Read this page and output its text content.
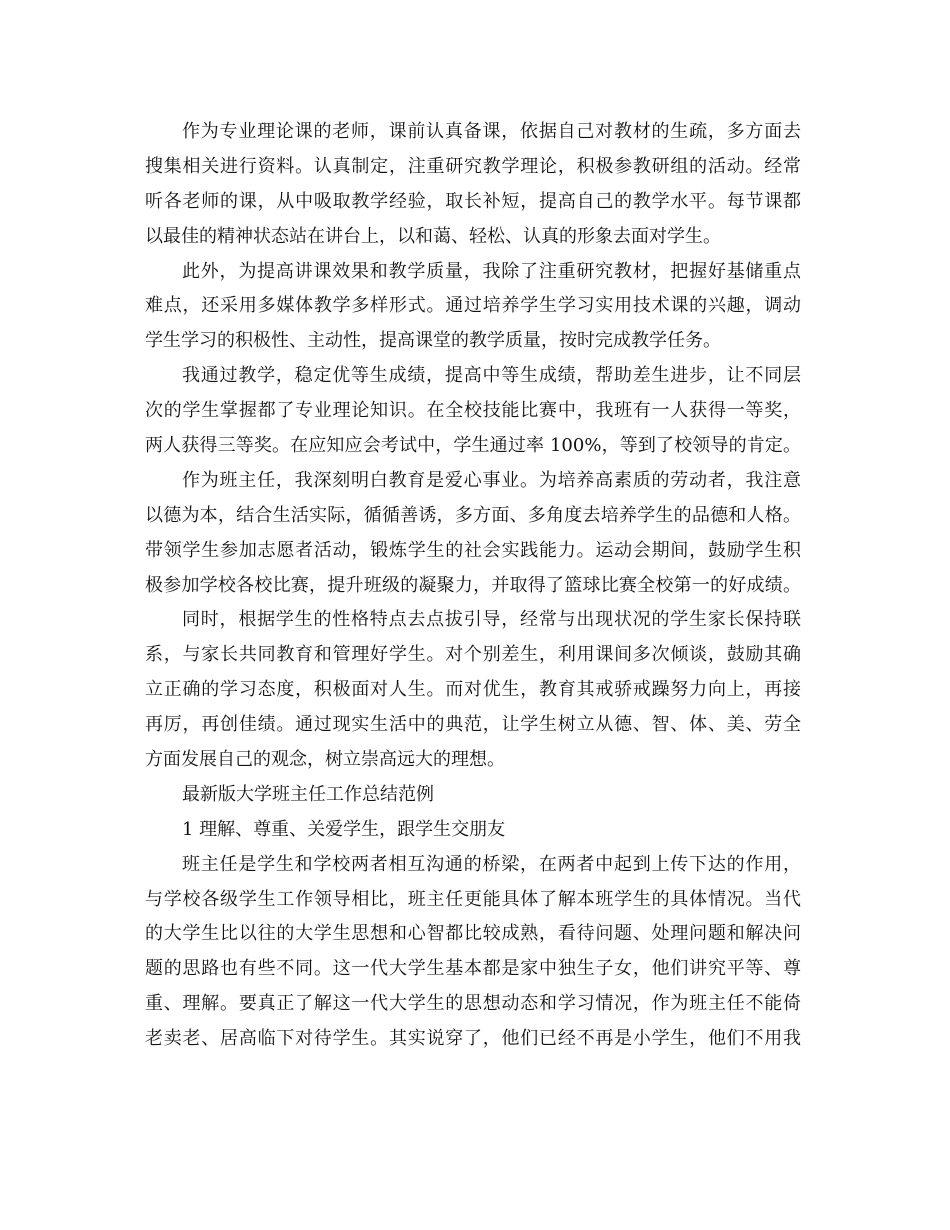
作为专业理论课的老师，课前认真备课，依据自己对教材的生疏，多方面去
搜集相关进行资料。认真制定，注重研究教学理论，积极参教研组的活动。经常
听各老师的课，从中吸取教学经验，取长补短，提高自己的教学水平。每节课都
以最佳的精神状态站在讲台上，以和蔼、轻松、认真的形象去面对学生。
此外，为提高讲课效果和教学质量，我除了注重研究教材，把握好基储重点
难点，还采用多媒体教学多样形式。通过培养学生学习实用技术课的兴趣，调动
学生学习的积极性、主动性，提高课堂的教学质量，按时完成教学任务。
我通过教学，稳定优等生成绩，提高中等生成绩，帮助差生进步，让不同层
次的学生掌握都了专业理论知识。在全校技能比赛中，我班有一人获得一等奖，
两人获得三等奖。在应知应会考试中，学生通过率 100%，等到了校领导的肯定。
作为班主任，我深刻明白教育是爱心事业。为培养高素质的劳动者，我注意
以德为本，结合生活实际，循循善诱，多方面、多角度去培养学生的品德和人格。
带领学生参加志愿者活动，锻炼学生的社会实践能力。运动会期间，鼓励学生积
极参加学校各校比赛，提升班级的凝聚力，并取得了篮球比赛全校第一的好成绩。
同时，根据学生的性格特点去点拔引导，经常与出现状况的学生家长保持联
系，与家长共同教育和管理好学生。对个别差生，利用课间多次倾谈，鼓励其确
立正确的学习态度，积极面对人生。而对优生，教育其戒骄戒躁努力向上，再接
再厉，再创佳绩。通过现实生活中的典范，让学生树立从德、智、体、美、劳全
方面发展自己的观念，树立崇高远大的理想。
最新版大学班主任工作总结范例
1 理解、尊重、关爱学生，跟学生交朋友
班主任是学生和学校两者相互沟通的桥梁，在两者中起到上传下达的作用，
与学校各级学生工作领导相比，班主任更能具体了解本班学生的具体情况。当代
的大学生比以往的大学生思想和心智都比较成熟，看待问题、处理问题和解决问
题的思路也有些不同。这一代大学生基本都是家中独生子女，他们讲究平等、尊
重、理解。要真正了解这一代大学生的思想动态和学习情况，作为班主任不能倚
老卖老、居高临下对待学生。其实说穿了，他们已经不再是小学生，他们不用我
